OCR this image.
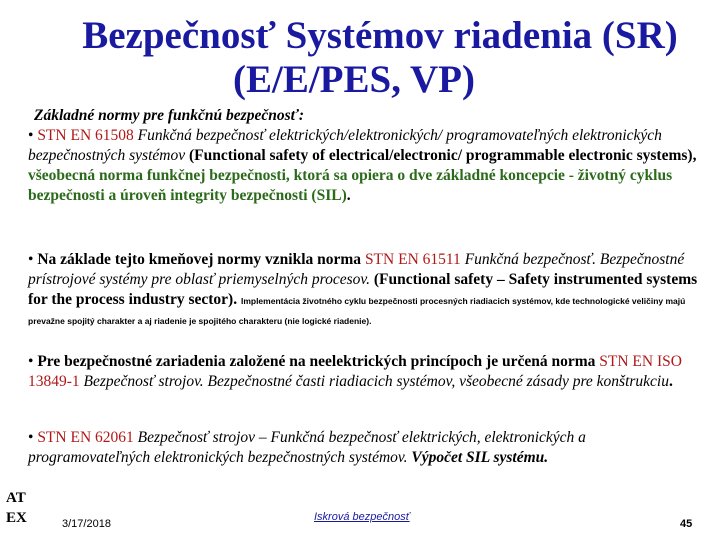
Bezpečnosť Systémov riadenia (SR)
(E/E/PES, VP)
Základné normy pre funkčnú bezpečnosť:
• STN EN 61508 Funkčná bezpečnosť elektrických/elektronických/ programovateľných elektronických bezpečnostných systémov (Functional safety of electrical/electronic/ programmable electronic systems), všeobecná norma funkčnej bezpečnosti, ktorá sa opiera o dve základné koncepcie - životný cyklus bezpečnosti a úroveň integrity bezpečnosti (SIL).
• Na základe tejto kmeňovej normy vznikla norma STN EN 61511 Funkčná bezpečnosť. Bezpečnostné prístrojové systémy pre oblasť priemyselných procesov. (Functional safety – Safety instrumented systems for the process industry sector). Implementácia životného cyklu bezpečnosti procesných riadiacich systémov, kde technologické veličiny majú prevažne spojitý charakter a aj riadenie je spojitého charakteru (nie logické riadenie).
• Pre bezpečnostné zariadenia založené na neelektrických princípoch je určená norma STN EN ISO 13849-1 Bezpečnosť strojov. Bezpečnostné časti riadiacich systémov, všeobecné zásady pre konštrukciu.
• STN EN 62061 Bezpečnosť strojov – Funkčná bezpečnosť elektrických, elektronických a programovateľných elektronických bezpečnostných systémov. Výpočet SIL systému.
AT
EX	3/17/2018
Iskrová bezpečnosť
45
